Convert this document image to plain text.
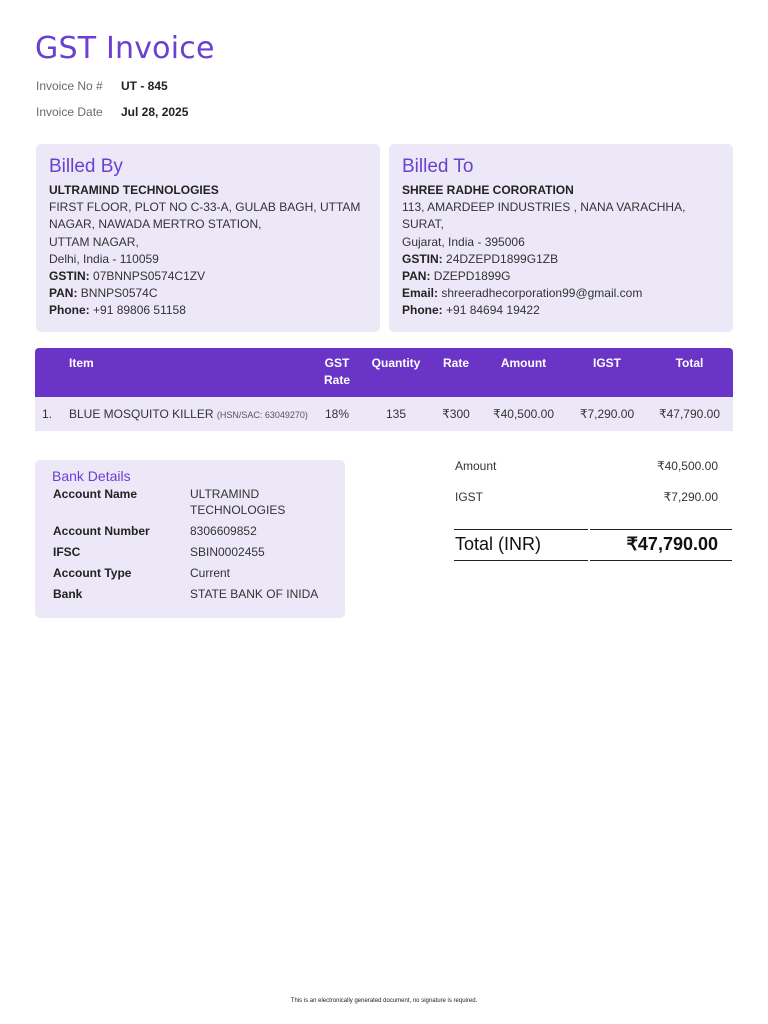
GST Invoice
Invoice No # UT - 845
Invoice Date Jul 28, 2025
Billed By
ULTRAMIND TECHNOLOGIES
FIRST FLOOR, PLOT NO C-33-A, GULAB BAGH, UTTAM NAGAR, NAWADA MERTRO STATION,
UTTAM NAGAR,
Delhi, India - 110059
GSTIN: 07BNNPS0574C1ZV
PAN: BNNPS0574C
Phone: +91 89806 51158
Billed To
SHREE RADHE CORORATION
113, AMARDEEP INDUSTRIES , NANA VARACHHA, SURAT,
Gujarat, India - 395006
GSTIN: 24DZEPD1899G1ZB
PAN: DZEPD1899G
Email: shreeradhecorporation99@gmail.com
Phone: +91 84694 19422
	Item	GST Rate	Quantity	Rate	Amount	IGST	Total
1.	BLUE MOSQUITO KILLER (HSN/SAC: 63049270)	18%	135	₹300	₹40,500.00	₹7,290.00	₹47,790.00
Bank Details
Account Name	ULTRAMIND TECHNOLOGIES
Account Number	8306609852
IFSC	SBIN0002455
Account Type	Current
Bank	STATE BANK OF INIDA
Amount	₹40,500.00
IGST	₹7,290.00
Total (INR)	₹47,790.00
This is an electronically generated document, no signature is required.
